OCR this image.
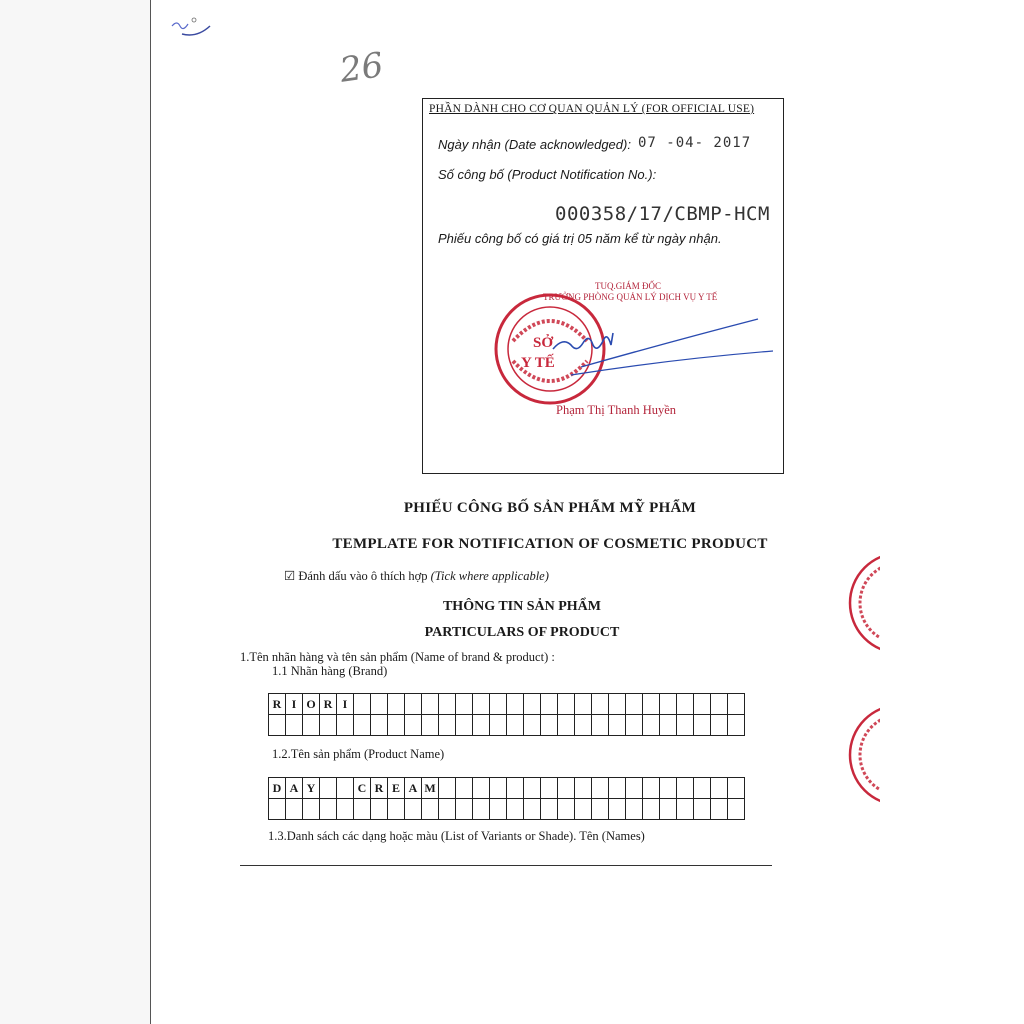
26
PHẦN DÀNH CHO CƠ QUAN QUẢN LÝ (FOR OFFICIAL USE)
Ngày nhận (Date acknowledged): 07 -04- 2017
Số công bố (Product Notification No.):
000358/17/CBMP-HCM
Phiếu công bố có giá trị 05 năm kể từ ngày nhận.
TUQ.GIÁM ĐỐC
TRƯỞNG PHÒNG QUẢN LÝ DỊCH VỤ Y TẾ
SỞ
Y TẾ
Phạm Thị Thanh Huyền
PHIẾU CÔNG BỐ SẢN PHẨM MỸ PHẨM
TEMPLATE FOR NOTIFICATION OF COSMETIC PRODUCT
☑ Đánh dấu vào ô thích hợp (Tick where applicable)
THÔNG TIN SẢN PHẨM
PARTICULARS OF PRODUCT
1.Tên nhãn hàng và tên sản phẩm (Name of brand & product) :
1.1 Nhãn hàng (Brand)
R	I	O	R	I																							

1.2.Tên sản phẩm (Product Name)
D	A	Y			C	R	E	A	M																		

1.3.Danh sách các dạng hoặc màu (List of Variants or Shade). Tên (Names)
